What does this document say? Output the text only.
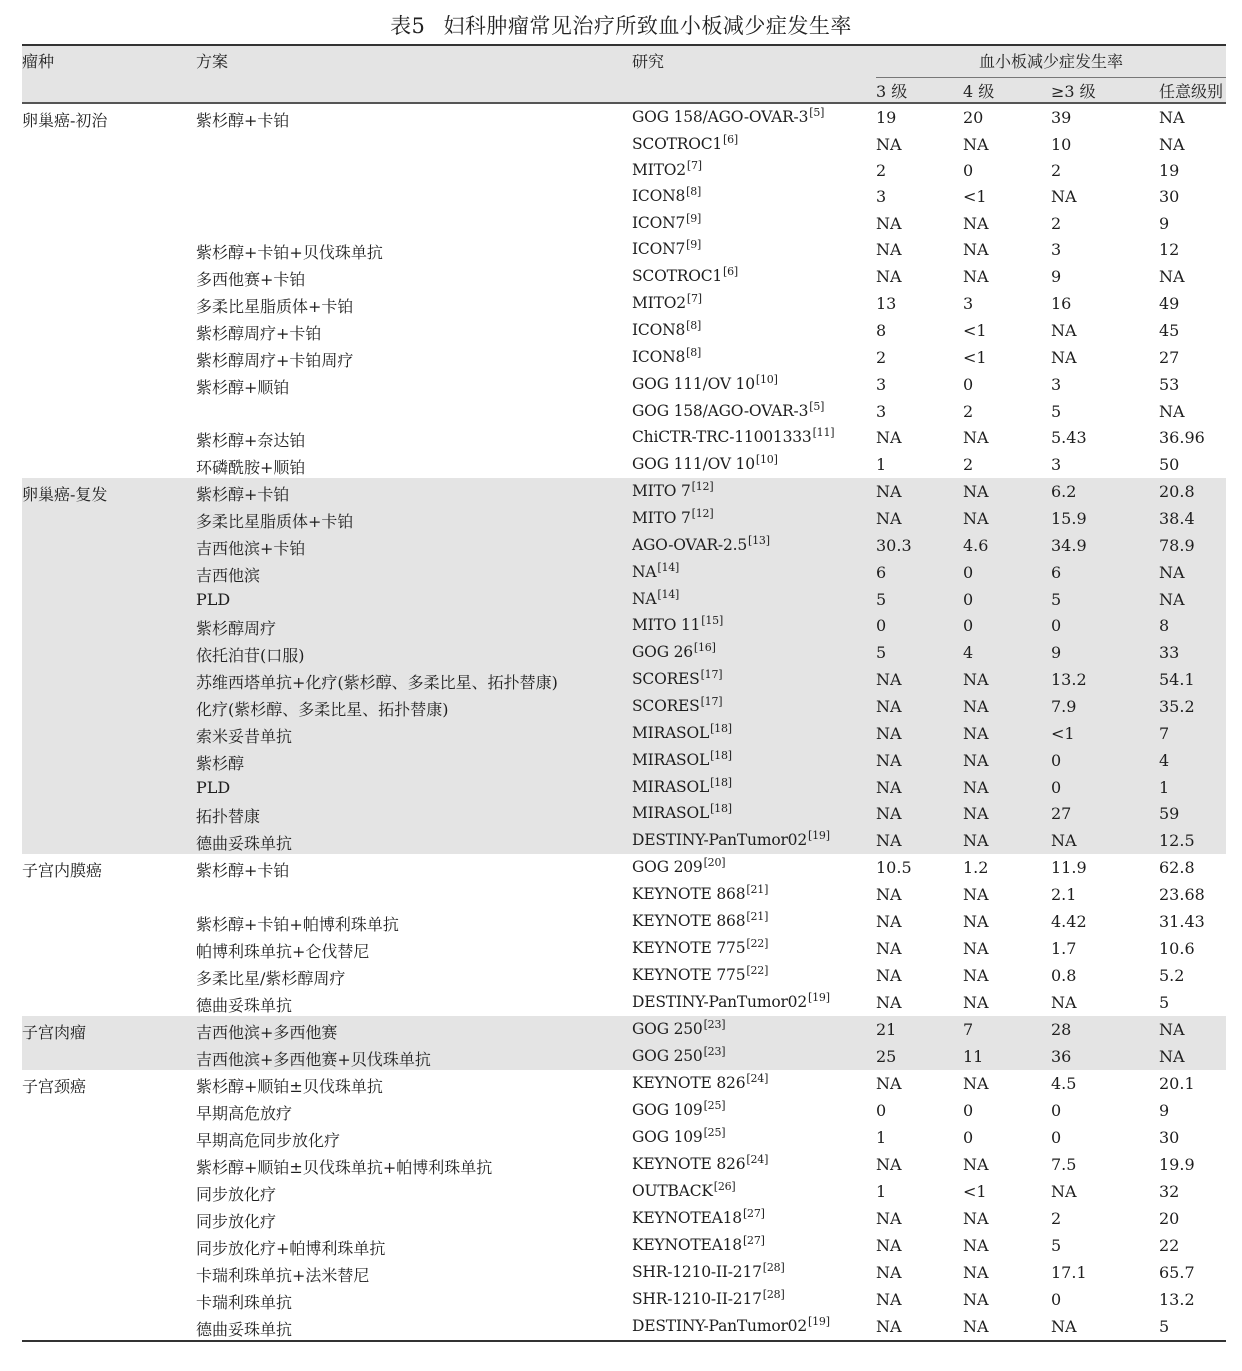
表5 妇科肿瘤常见治疗所致血小板减少症发生率
瘤种	方案	研究	血小板减少症发生率			
			3 级	4 级	≥3 级	任意级别
卵巢癌-初治	紫杉醇+卡铂	GOG 158/AGO-OVAR-3[5]	19	20	39	NA
		SCOTROC1[6]	NA	NA	10	NA
		MITO2[7]	2	0	2	19
		ICON8[8]	3	<1	NA	30
		ICON7[9]	NA	NA	2	9
	紫杉醇+卡铂+贝伐珠单抗	ICON7[9]	NA	NA	3	12
	多西他赛+卡铂	SCOTROC1[6]	NA	NA	9	NA
	多柔比星脂质体+卡铂	MITO2[7]	13	3	16	49
	紫杉醇周疗+卡铂	ICON8[8]	8	<1	NA	45
	紫杉醇周疗+卡铂周疗	ICON8[8]	2	<1	NA	27
	紫杉醇+顺铂	GOG 111/OV 10[10]	3	0	3	53
		GOG 158/AGO-OVAR-3[5]	3	2	5	NA
	紫杉醇+奈达铂	ChiCTR-TRC-11001333[11]	NA	NA	5.43	36.96
	环磷酰胺+顺铂	GOG 111/OV 10[10]	1	2	3	50
卵巢癌-复发	紫杉醇+卡铂	MITO 7[12]	NA	NA	6.2	20.8
	多柔比星脂质体+卡铂	MITO 7[12]	NA	NA	15.9	38.4
	吉西他滨+卡铂	AGO-OVAR-2.5[13]	30.3	4.6	34.9	78.9
	吉西他滨	NA[14]	6	0	6	NA
	PLD	NA[14]	5	0	5	NA
	紫杉醇周疗	MITO 11[15]	0	0	0	8
	依托泊苷(口服)	GOG 26[16]	5	4	9	33
	苏维西塔单抗+化疗(紫杉醇、多柔比星、拓扑替康)	SCORES[17]	NA	NA	13.2	54.1
	化疗(紫杉醇、多柔比星、拓扑替康)	SCORES[17]	NA	NA	7.9	35.2
	索米妥昔单抗	MIRASOL[18]	NA	NA	<1	7
	紫杉醇	MIRASOL[18]	NA	NA	0	4
	PLD	MIRASOL[18]	NA	NA	0	1
	拓扑替康	MIRASOL[18]	NA	NA	27	59
	德曲妥珠单抗	DESTINY-PanTumor02[19]	NA	NA	NA	12.5
子宫内膜癌	紫杉醇+卡铂	GOG 209[20]	10.5	1.2	11.9	62.8
		KEYNOTE 868[21]	NA	NA	2.1	23.68
	紫杉醇+卡铂+帕博利珠单抗	KEYNOTE 868[21]	NA	NA	4.42	31.43
	帕博利珠单抗+仑伐替尼	KEYNOTE 775[22]	NA	NA	1.7	10.6
	多柔比星/紫杉醇周疗	KEYNOTE 775[22]	NA	NA	0.8	5.2
	德曲妥珠单抗	DESTINY-PanTumor02[19]	NA	NA	NA	5
子宫肉瘤	吉西他滨+多西他赛	GOG 250[23]	21	7	28	NA
	吉西他滨+多西他赛+贝伐珠单抗	GOG 250[23]	25	11	36	NA
子宫颈癌	紫杉醇+顺铂±贝伐珠单抗	KEYNOTE 826[24]	NA	NA	4.5	20.1
	早期高危放疗	GOG 109[25]	0	0	0	9
	早期高危同步放化疗	GOG 109[25]	1	0	0	30
	紫杉醇+顺铂±贝伐珠单抗+帕博利珠单抗	KEYNOTE 826[24]	NA	NA	7.5	19.9
	同步放化疗	OUTBACK[26]	1	<1	NA	32
	同步放化疗	KEYNOTEA18[27]	NA	NA	2	20
	同步放化疗+帕博利珠单抗	KEYNOTEA18[27]	NA	NA	5	22
	卡瑞利珠单抗+法米替尼	SHR-1210-II-217[28]	NA	NA	17.1	65.7
	卡瑞利珠单抗	SHR-1210-II-217[28]	NA	NA	0	13.2
	德曲妥珠单抗	DESTINY-PanTumor02[19]	NA	NA	NA	5
